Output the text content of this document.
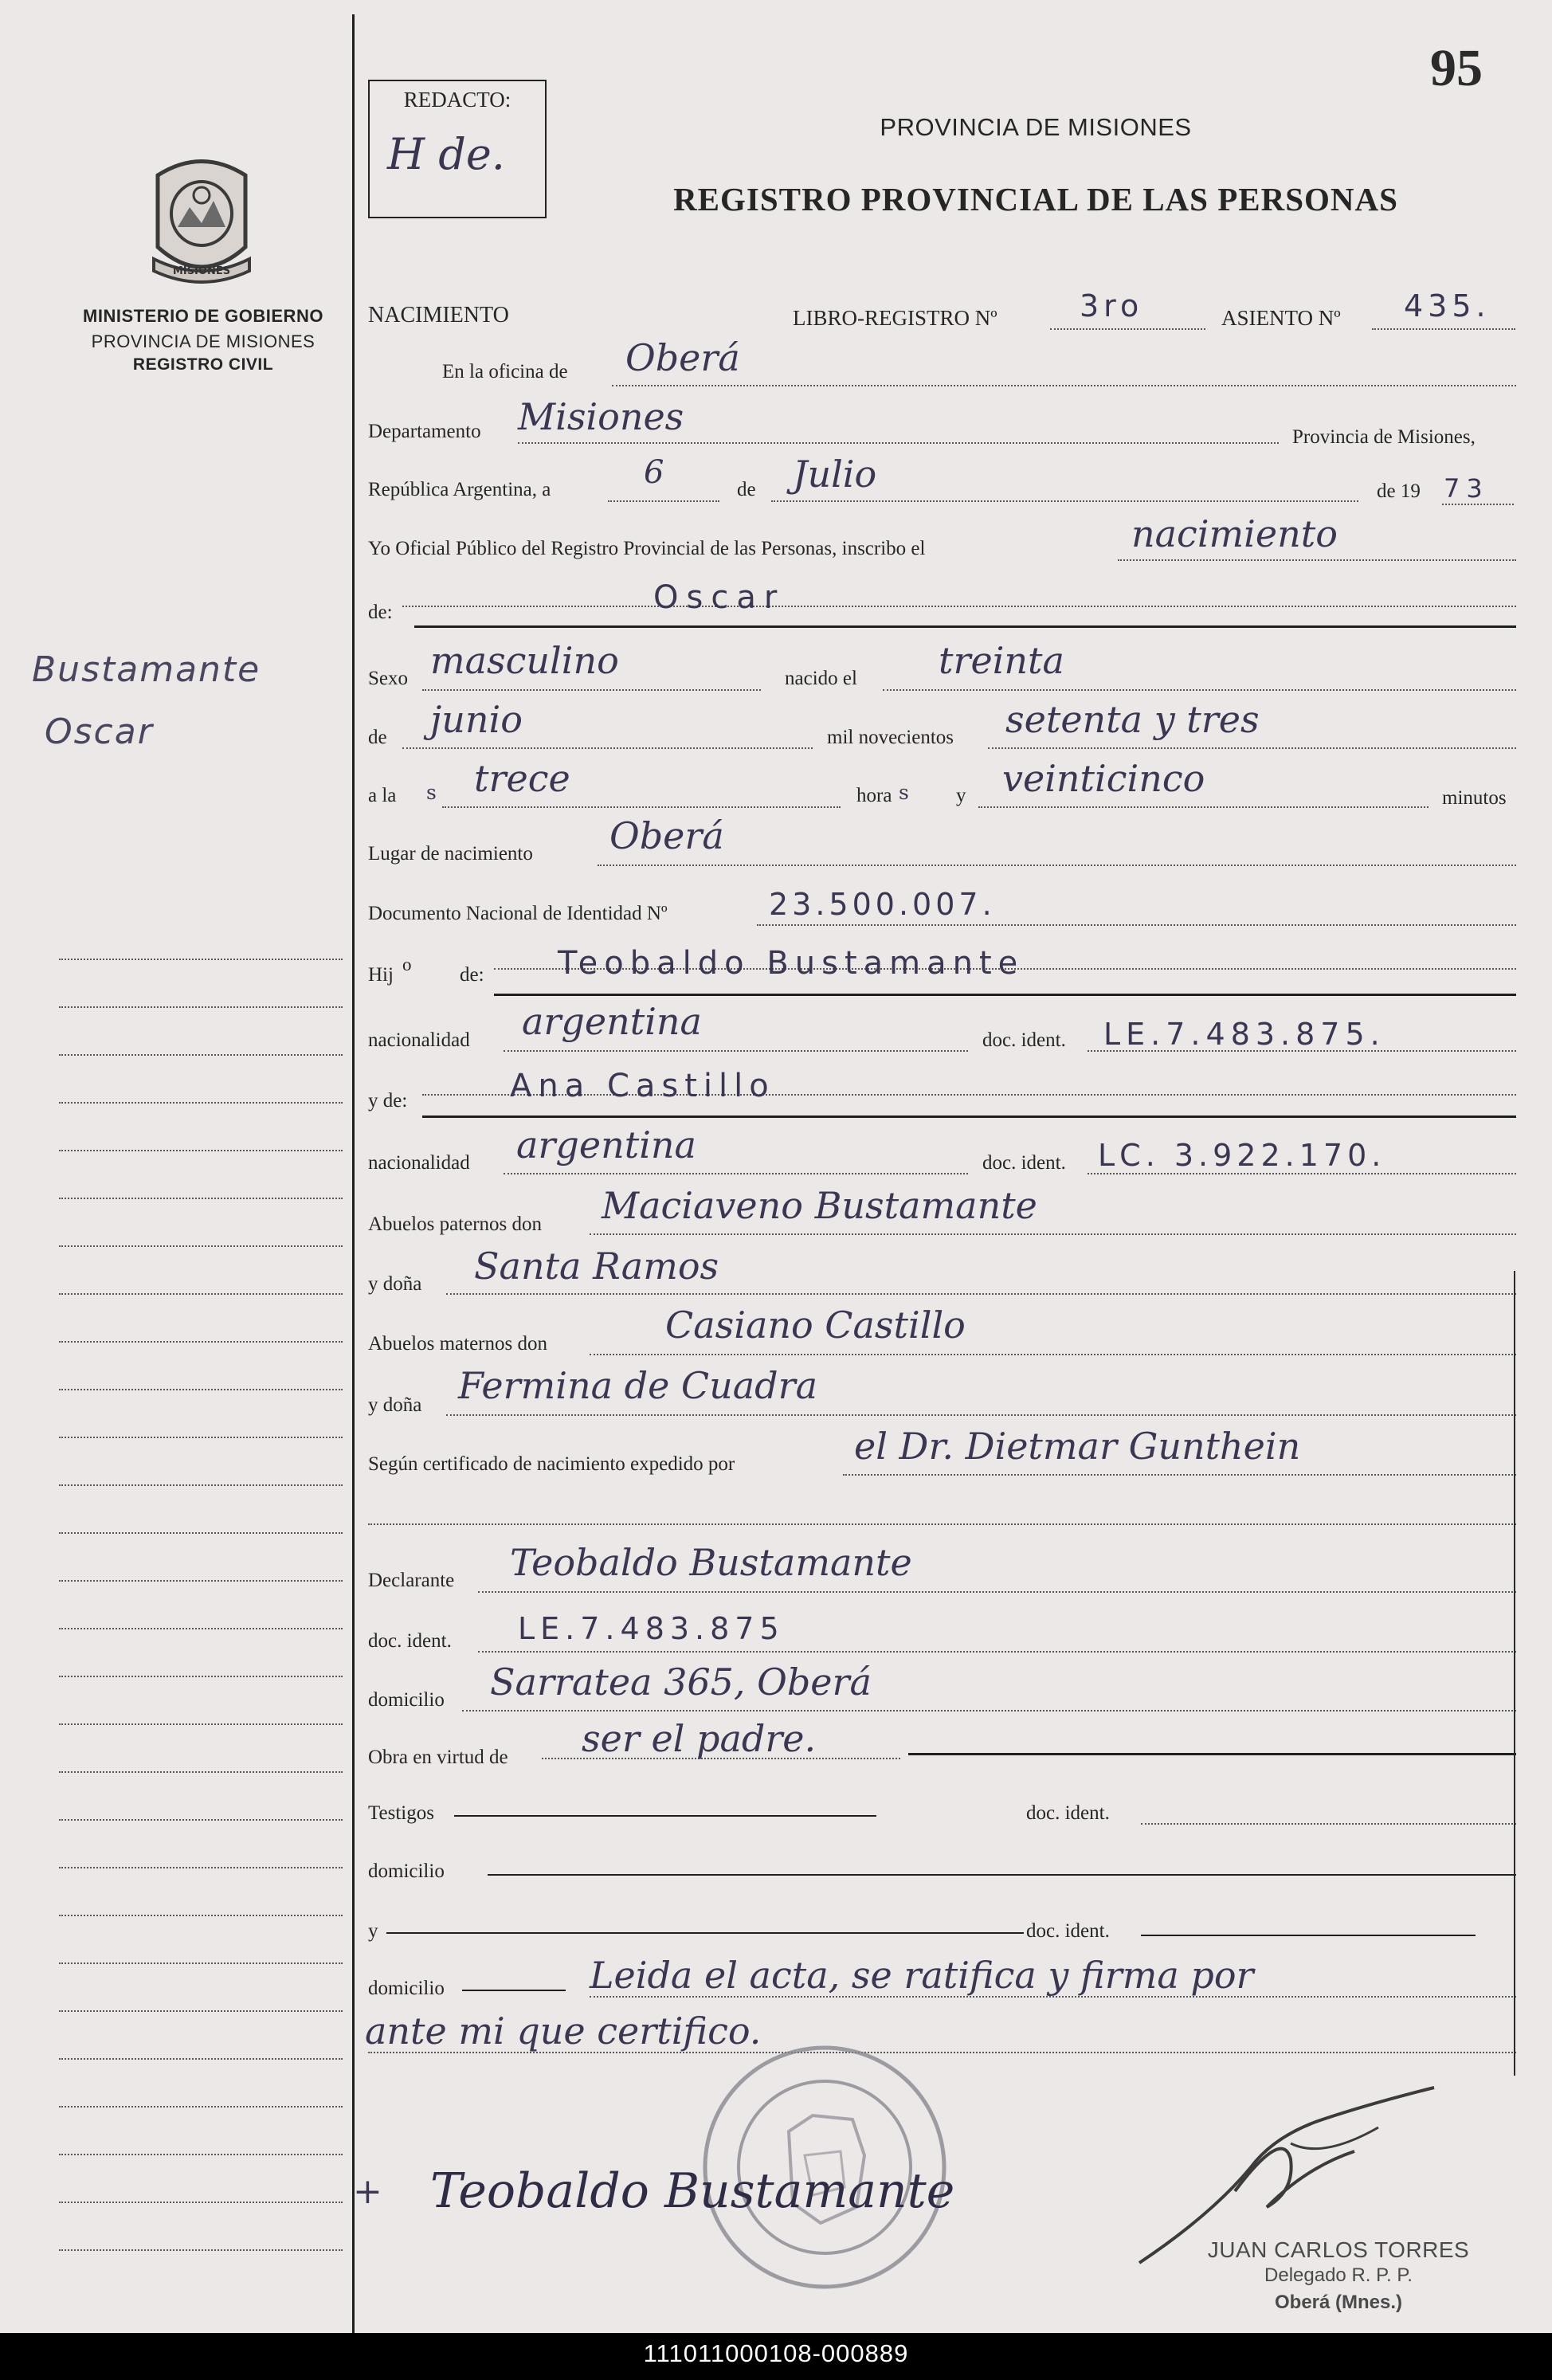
MISIONES
MINISTERIO DE GOBIERNO
PROVINCIA DE MISIONES
REGISTRO CIVIL
Bustamante
Oscar
REDACTO:
H de.
95
PROVINCIA DE MISIONES
REGISTRO PROVINCIAL DE LAS PERSONAS
NACIMIENTO	LIBRO-REGISTRO Nº	3ro	ASIENTO Nº 435.
En la oficina de Oberá
Departamento Misiones	Provincia de Misiones,
República Argentina, a	6	de Julio	de 19 73
Yo Oficial Público del Registro Provincial de las Personas, inscribo el	nacimiento
de:	Oscar
Sexo masculino	nacido el treinta
de junio	mil novecientos setenta y tres
a la s trece	hora s y veinticinco	minutos
Lugar de nacimiento Oberá
Documento Nacional de Identidad Nº	23.500.007.
Hij o de: Teobaldo Bustamante
nacionalidad argentina	doc. ident. LE.7.483.875.
y de:	Ana Castillo
nacionalidad argentina	doc. ident. LC. 3.922.170.
Abuelos paternos don Maciaveno Bustamante
y doña Santa Ramos
Abuelos maternos don	Casiano Castillo
y doña Fermina de Cuadra
Según certificado de nacimiento expedido por	el Dr. Dietmar Gunthein
Declarante Teobaldo Bustamante
doc. ident. LE.7.483.875
domicilio Sarratea 365, Oberá
Obra en virtud de ser el padre.
Testigos	doc. ident.
domicilio
y	doc. ident.
domicilio	Leida el acta, se ratifica y firma por
ante mi que certifico.
+ Teobaldo Bustamante
JUAN CARLOS TORRES
Delegado R. P. P.
Oberá (Mnes.)
111011000108-000889
